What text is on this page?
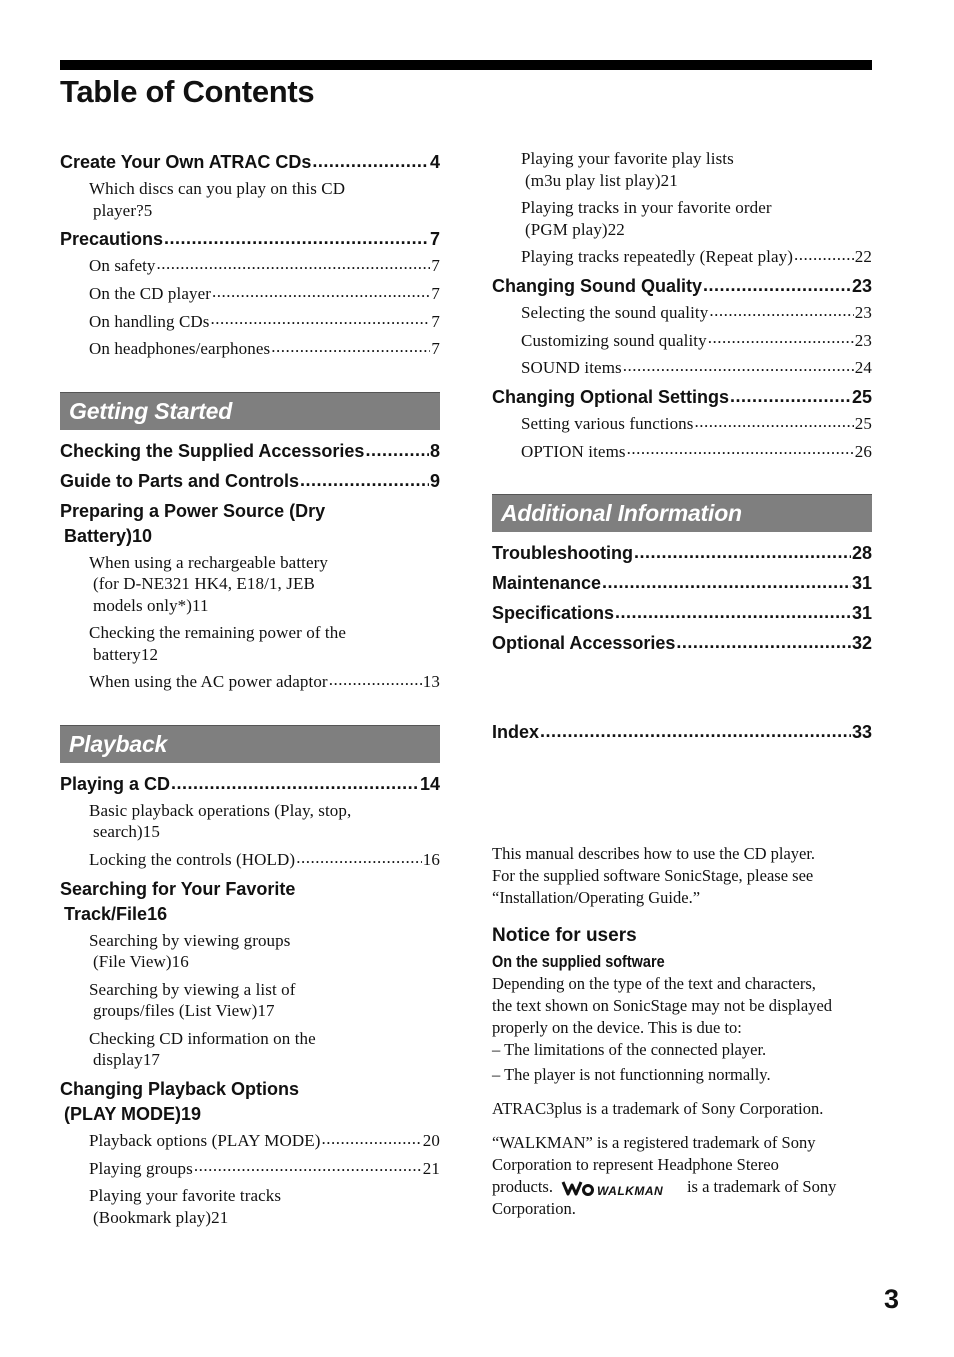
Table of Contents
Create Your Own ATRAC CDs .....	4
Which discs can you play on this CD
player? 5
Precautions .....	7
On safety .....	7
On the CD player .....	7
On handling CDs .....	7
On headphones/earphones .....	7
Getting Started
Checking the Supplied Accessories .....	8
Guide to Parts and Controls .....	9
Preparing a Power Source (Dry
Battery) 10
When using a rechargeable battery
(for D-NE321 HK4, E18/1, JEB
models only*) 11
Checking the remaining power of the
battery 12
When using the AC power adaptor .....	13
Playback
Playing a CD .....	14
Basic playback operations (Play, stop,
search) 15
Locking the controls (HOLD) .....	16
Searching for Your Favorite
Track/File 16
Searching by viewing groups
(File View) 16
Searching by viewing a list of
groups/files (List View) 17
Checking CD information on the
display 17
Changing Playback Options
(PLAY MODE) 19
Playback options (PLAY MODE) .....	20
Playing groups .....	21
Playing your favorite tracks
(Bookmark play) 21
Playing your favorite play lists
(m3u play list play) 21
Playing tracks in your favorite order
(PGM play) 22
Playing tracks repeatedly (Repeat play) .....	22
Changing Sound Quality .....	23
Selecting the sound quality .....	23
Customizing sound quality .....	23
SOUND items .....	24
Changing Optional Settings .....	25
Setting various functions .....	25
OPTION items .....	26
Additional Information
Troubleshooting .....	28
Maintenance .....	31
Specifications .....	31
Optional Accessories .....	32
Index .....	33
This manual describes how to use the CD player.
For the supplied software SonicStage, please see
“Installation/Operating Guide.”
Notice for users
On the supplied software
Depending on the type of the text and characters,
the text shown on SonicStage may not be displayed
properly on the device. This is due to:
– The limitations of the connected player.
– The player is not functionning normally.
ATRAC3plus is a trademark of Sony Corporation.
“WALKMAN” is a registered trademark of Sony
Corporation to represent Headphone Stereo
products.	WALKMAN is a trademark of Sony
Corporation.
3
